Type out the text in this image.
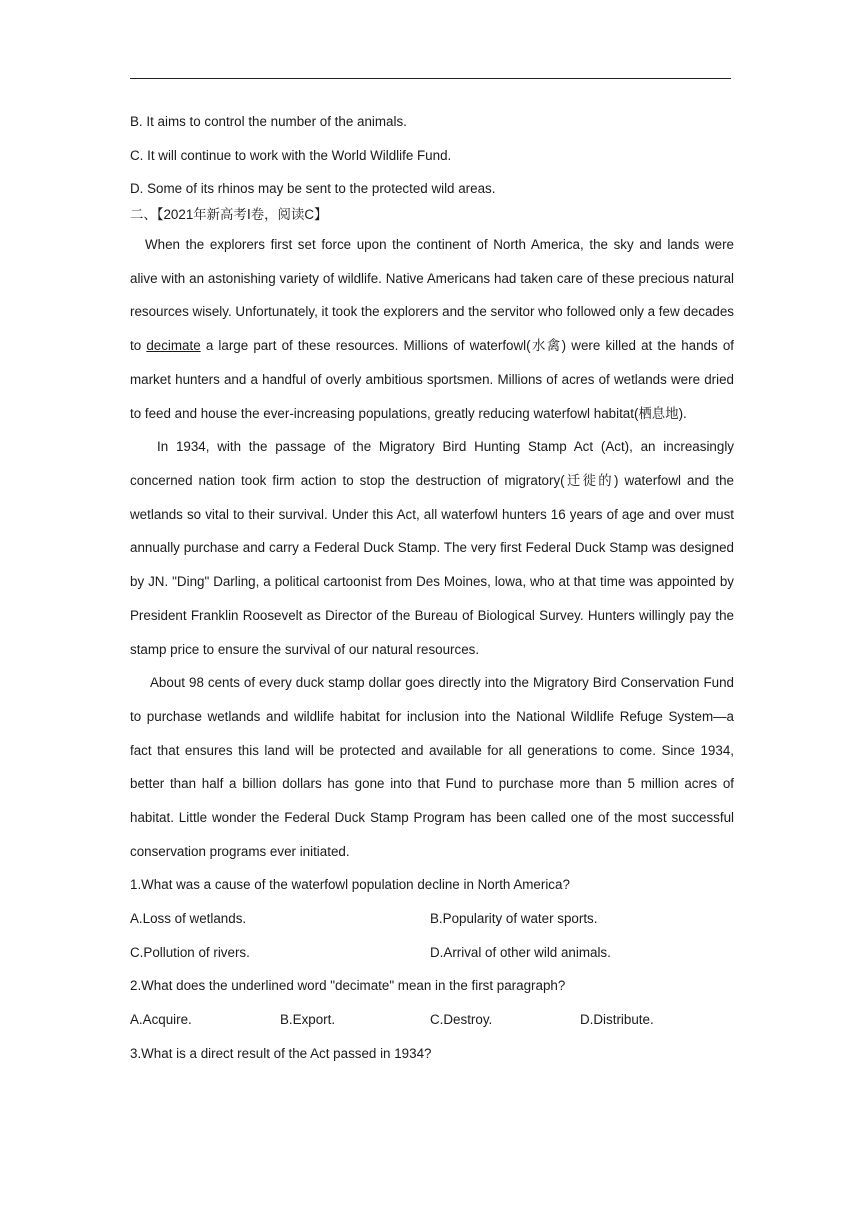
B. It aims to control the number of the animals.
C. It will continue to work with the World Wildlife Fund.
D. Some of its rhinos may be sent to the protected wild areas.
二、【2021年新高考Ⅰ卷，阅读C】

When the explorers first set force upon the continent of North America, the sky and lands were alive with an astonishing variety of wildlife. Native Americans had taken care of these precious natural resources wisely. Unfortunately, it took the explorers and the servitor who followed only a few decades to decimate a large part of these resources. Millions of waterfowl(水禽) were killed at the hands of market hunters and a handful of overly ambitious sportsmen. Millions of acres of wetlands were dried to feed and house the ever-increasing populations, greatly reducing waterfowl habitat(栖息地).

In 1934, with the passage of the Migratory Bird Hunting Stamp Act (Act), an increasingly concerned nation took firm action to stop the destruction of migratory(迁徙的) waterfowl and the wetlands so vital to their survival. Under this Act, all waterfowl hunters 16 years of age and over must annually purchase and carry a Federal Duck Stamp. The very first Federal Duck Stamp was designed by JN. "Ding" Darling, a political cartoonist from Des Moines, lowa, who at that time was appointed by President Franklin Roosevelt as Director of the Bureau of Biological Survey. Hunters willingly pay the stamp price to ensure the survival of our natural resources.

About 98 cents of every duck stamp dollar goes directly into the Migratory Bird Conservation Fund to purchase wetlands and wildlife habitat for inclusion into the National Wildlife Refuge System—a fact that ensures this land will be protected and available for all generations to come. Since 1934, better than half a billion dollars has gone into that Fund to purchase more than 5 million acres of habitat. Little wonder the Federal Duck Stamp Program has been called one of the most successful conservation programs ever initiated.

1.What was a cause of the waterfowl population decline in North America?
A.Loss of wetlands.	B.Popularity of water sports.
C.Pollution of rivers.	D.Arrival of other wild animals.
2.What does the underlined word "decimate" mean in the first paragraph?
A.Acquire.	B.Export.	C.Destroy.	D.Distribute.
3.What is a direct result of the Act passed in 1934?
